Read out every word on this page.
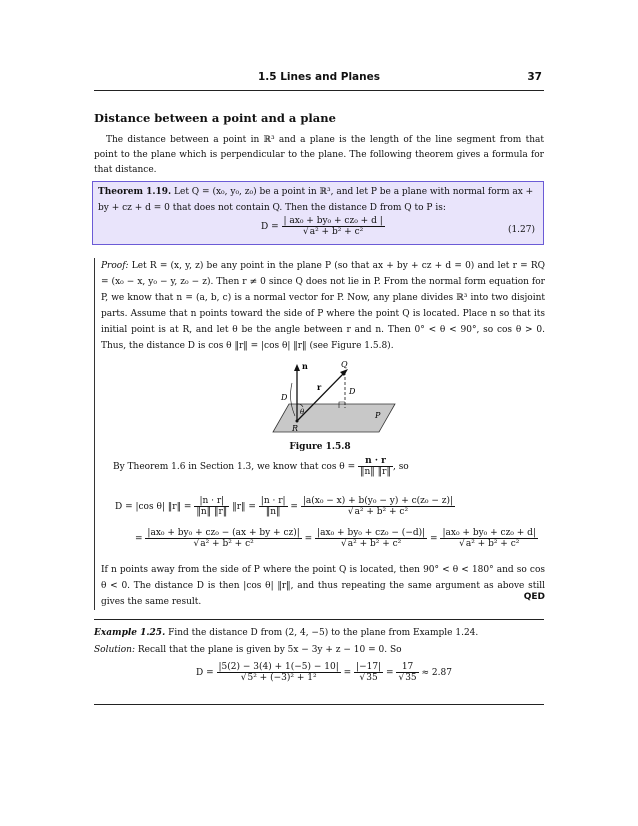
1.5 Lines and Planes	37
Distance between a point and a plane
The distance between a point in ℝ³ and a plane is the length of the line segment from that point to the plane which is perpendicular to the plane. The following theorem gives a formula for that distance.
Theorem 1.19. Let Q = (x₀, y₀, z₀) be a point in ℝ³, and let P be a plane with normal form ax + by + cz + d = 0 that does not contain Q. Then the distance D from Q to P is:
$D = \frac{\text{| ax₀ + by₀ + cz₀ + d |}}{\text{√a² + b² + c²}}$	(1.27)
Proof: Let R = (x, y, z) be any point in the plane P (so that ax + by + cz + d = 0) and let r = RQ = (x₀ − x, y₀ − y, z₀ − z). Then r ≠ 0 since Q does not lie in P. From the normal form equation for P, we know that n = (a, b, c) is a normal vector for P. Now, any plane divides ℝ³ into two disjoint parts. Assume that n points toward the side of P where the point Q is located. Place n so that its initial point is at R, and let θ be the angle between r and n. Then 0° < θ < 90°, so cos θ > 0. Thus, the distance D is cos θ ‖r‖ = |cos θ| ‖r‖ (see Figure 1.5.8).
n
r
Q
D
D
θ
R
P
Figure 1.5.8
By Theorem 1.6 in Section 1.3, we know that $\cos \theta = \frac{n \cdot r}{‖n‖ ‖r‖}$ , so
D = |cos θ| ‖r‖ = $\frac{|n \cdot r|}{‖n‖ ‖r‖}$ ‖r‖ = $\frac{|n \cdot r|}{‖n‖} = \frac{\text{|a(x₀ − x) + b(y₀ − y) + c(z₀ − z)|}}{\text{√a² + b² + c²}}$
= $\frac{\text{|ax₀ + by₀ + cz₀ − (ax + by + cz)|}}{\text{√a² + b² + c²}} = \frac{\text{|ax₀ + by₀ + cz₀ − (−d)|}}{\text{√a² + b² + c²}} = \frac{\text{|ax₀ + by₀ + cz₀ + d|}}{\text{√a² + b² + c²}}$
If n points away from the side of P where the point Q is located, then 90° < θ < 180° and so cos θ < 0. The distance D is then |cos θ| ‖r‖, and thus repeating the same argument as above still gives the same result.	QED
Example 1.25. Find the distance D from (2, 4, −5) to the plane from Example 1.24.
Solution: Recall that the plane is given by 5x − 3y + z − 10 = 0. So
$D = \frac{|5(2) - 3(4) + 1(-5) - 10|}{\text{√5² + (−3)² + 1²}} = \frac{|-17|}{√35} = \frac{17}{√35} \approx 2.87$
